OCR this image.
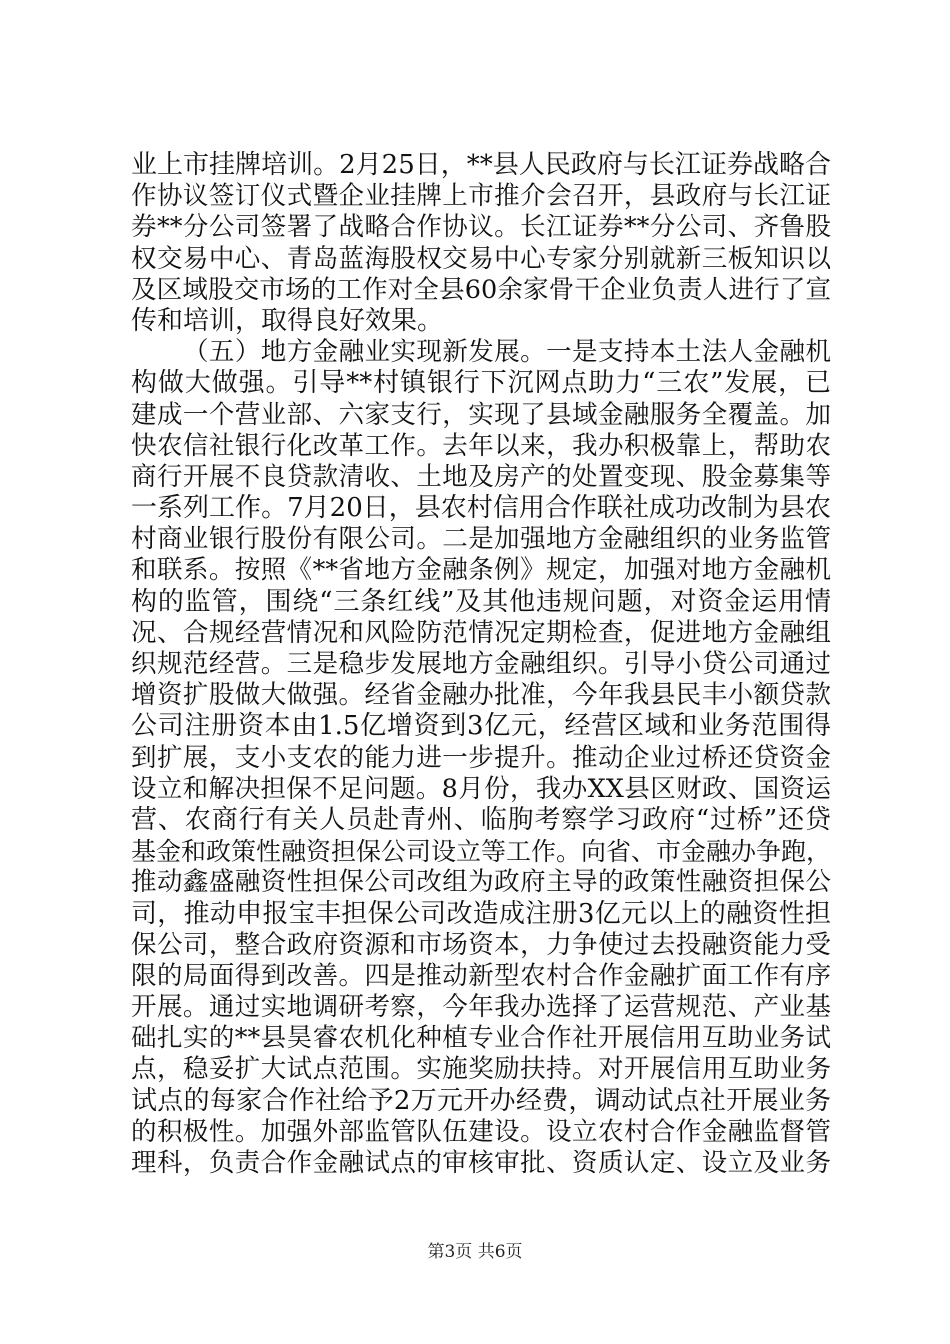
业上市挂牌培训。2月25日，**县人民政府与长江证券战略合
作协议签订仪式暨企业挂牌上市推介会召开，县政府与长江证
券**分公司签署了战略合作协议。长江证券**分公司、齐鲁股
权交易中心、青岛蓝海股权交易中心专家分别就新三板知识以
及区域股交市场的工作对全县60余家骨干企业负责人进行了宣
传和培训，取得良好效果。
（五）地方金融业实现新发展。一是支持本土法人金融机
构做大做强。引导**村镇银行下沉网点助力“三农”发展，已
建成一个营业部、六家支行，实现了县域金融服务全覆盖。加
快农信社银行化改革工作。去年以来，我办积极靠上，帮助农
商行开展不良贷款清收、土地及房产的处置变现、股金募集等
一系列工作。7月20日，县农村信用合作联社成功改制为县农
村商业银行股份有限公司。二是加强地方金融组织的业务监管
和联系。按照《**省地方金融条例》规定，加强对地方金融机
构的监管，围绕“三条红线”及其他违规问题，对资金运用情
况、合规经营情况和风险防范情况定期检查，促进地方金融组
织规范经营。三是稳步发展地方金融组织。引导小贷公司通过
增资扩股做大做强。经省金融办批准，今年我县民丰小额贷款
公司注册资本由1.5亿增资到3亿元，经营区域和业务范围得
到扩展，支小支农的能力进一步提升。推动企业过桥还贷资金
设立和解决担保不足问题。8月份，我办XX县区财政、国资运
营、农商行有关人员赴青州、临朐考察学习政府“过桥”还贷
基金和政策性融资担保公司设立等工作。向省、市金融办争跑，
推动鑫盛融资性担保公司改组为政府主导的政策性融资担保公
司，推动申报宝丰担保公司改造成注册3亿元以上的融资性担
保公司，整合政府资源和市场资本，力争使过去投融资能力受
限的局面得到改善。四是推动新型农村合作金融扩面工作有序
开展。通过实地调研考察，今年我办选择了运营规范、产业基
础扎实的**县昊睿农机化种植专业合作社开展信用互助业务试
点，稳妥扩大试点范围。实施奖励扶持。对开展信用互助业务
试点的每家合作社给予2万元开办经费，调动试点社开展业务
的积极性。加强外部监管队伍建设。设立农村合作金融监督管
理科，负责合作金融试点的审核审批、资质认定、设立及业务
第3页 共6页
